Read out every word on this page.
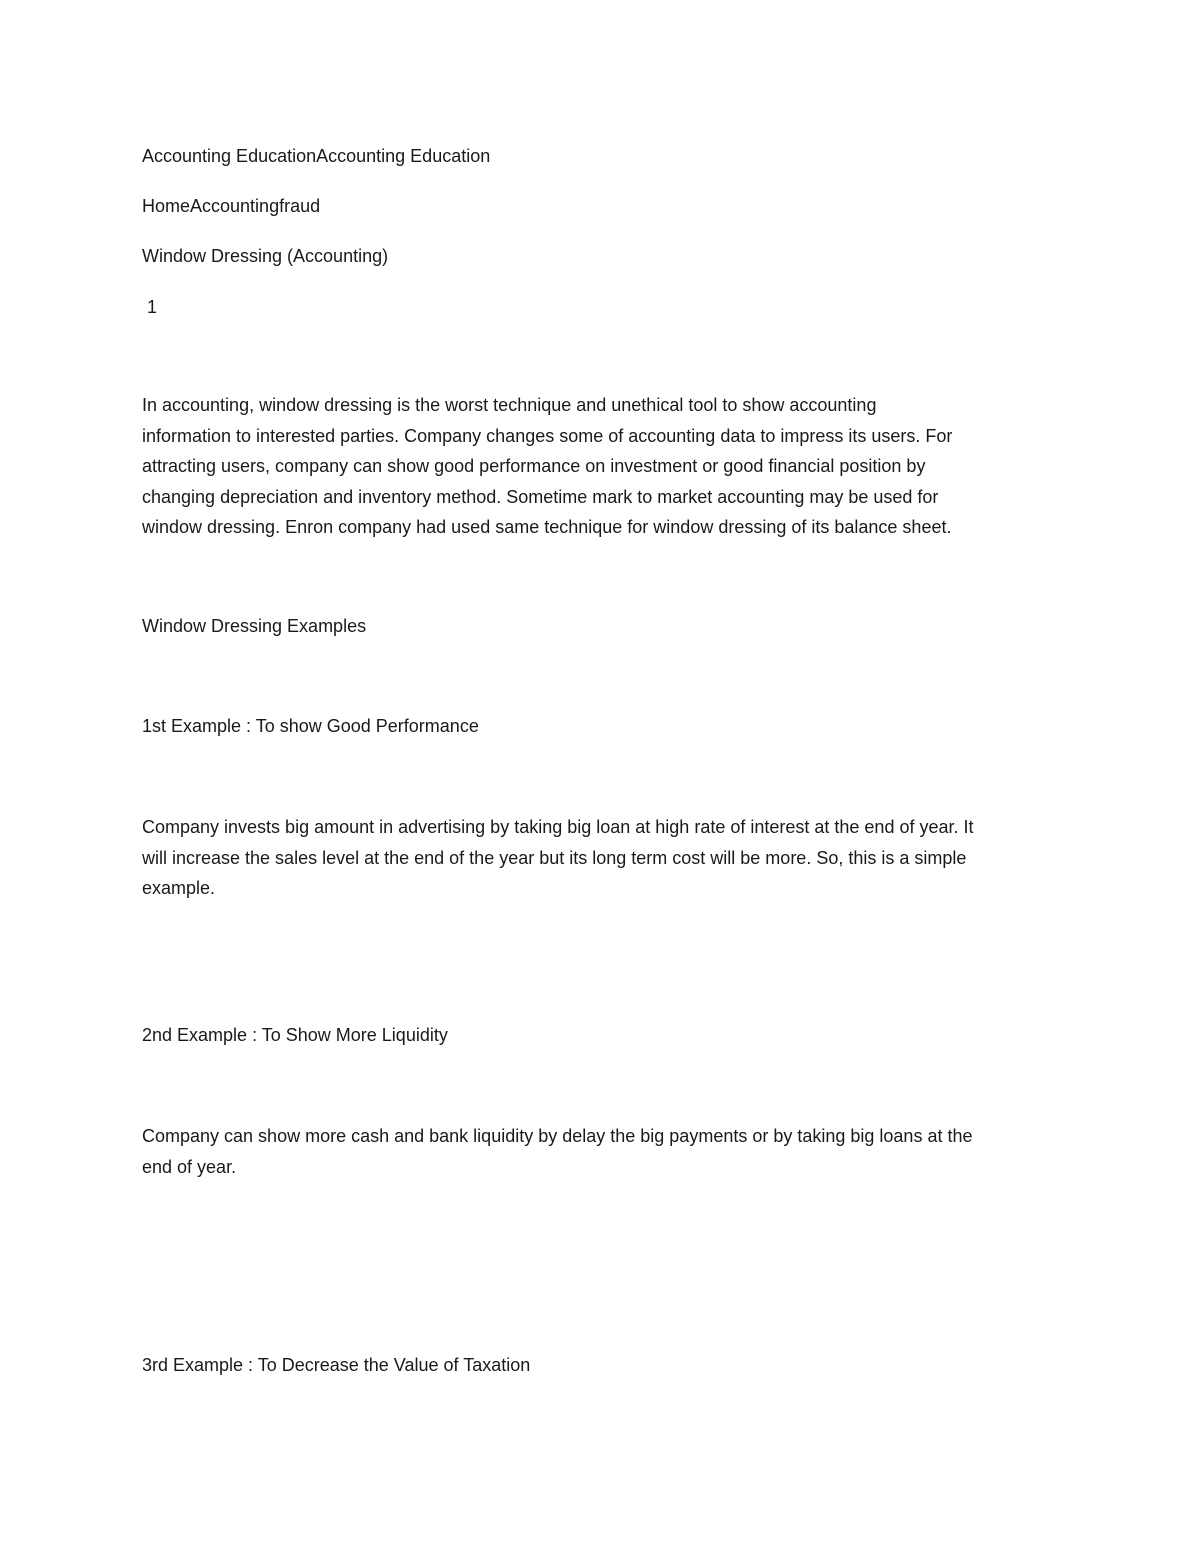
Accounting EducationAccounting Education

HomeAccountingfraud

Window Dressing (Accounting)

1

In accounting, window dressing is the worst technique and unethical tool to show accounting
information to interested parties. Company changes some of accounting data to impress its users. For
attracting users, company can show good performance on investment or good financial position by
changing depreciation and inventory method. Sometime mark to market accounting may be used for
window dressing. Enron company had used same technique for window dressing of its balance sheet.

Window Dressing Examples

1st Example : To show Good Performance

Company invests big amount in advertising by taking big loan at high rate of interest at the end of year. It
will increase the sales level at the end of the year but its long term cost will be more. So, this is a simple
example.

2nd Example : To Show More Liquidity

Company can show more cash and bank liquidity by delay the big payments or by taking big loans at the
end of year.

3rd Example : To Decrease the Value of Taxation
